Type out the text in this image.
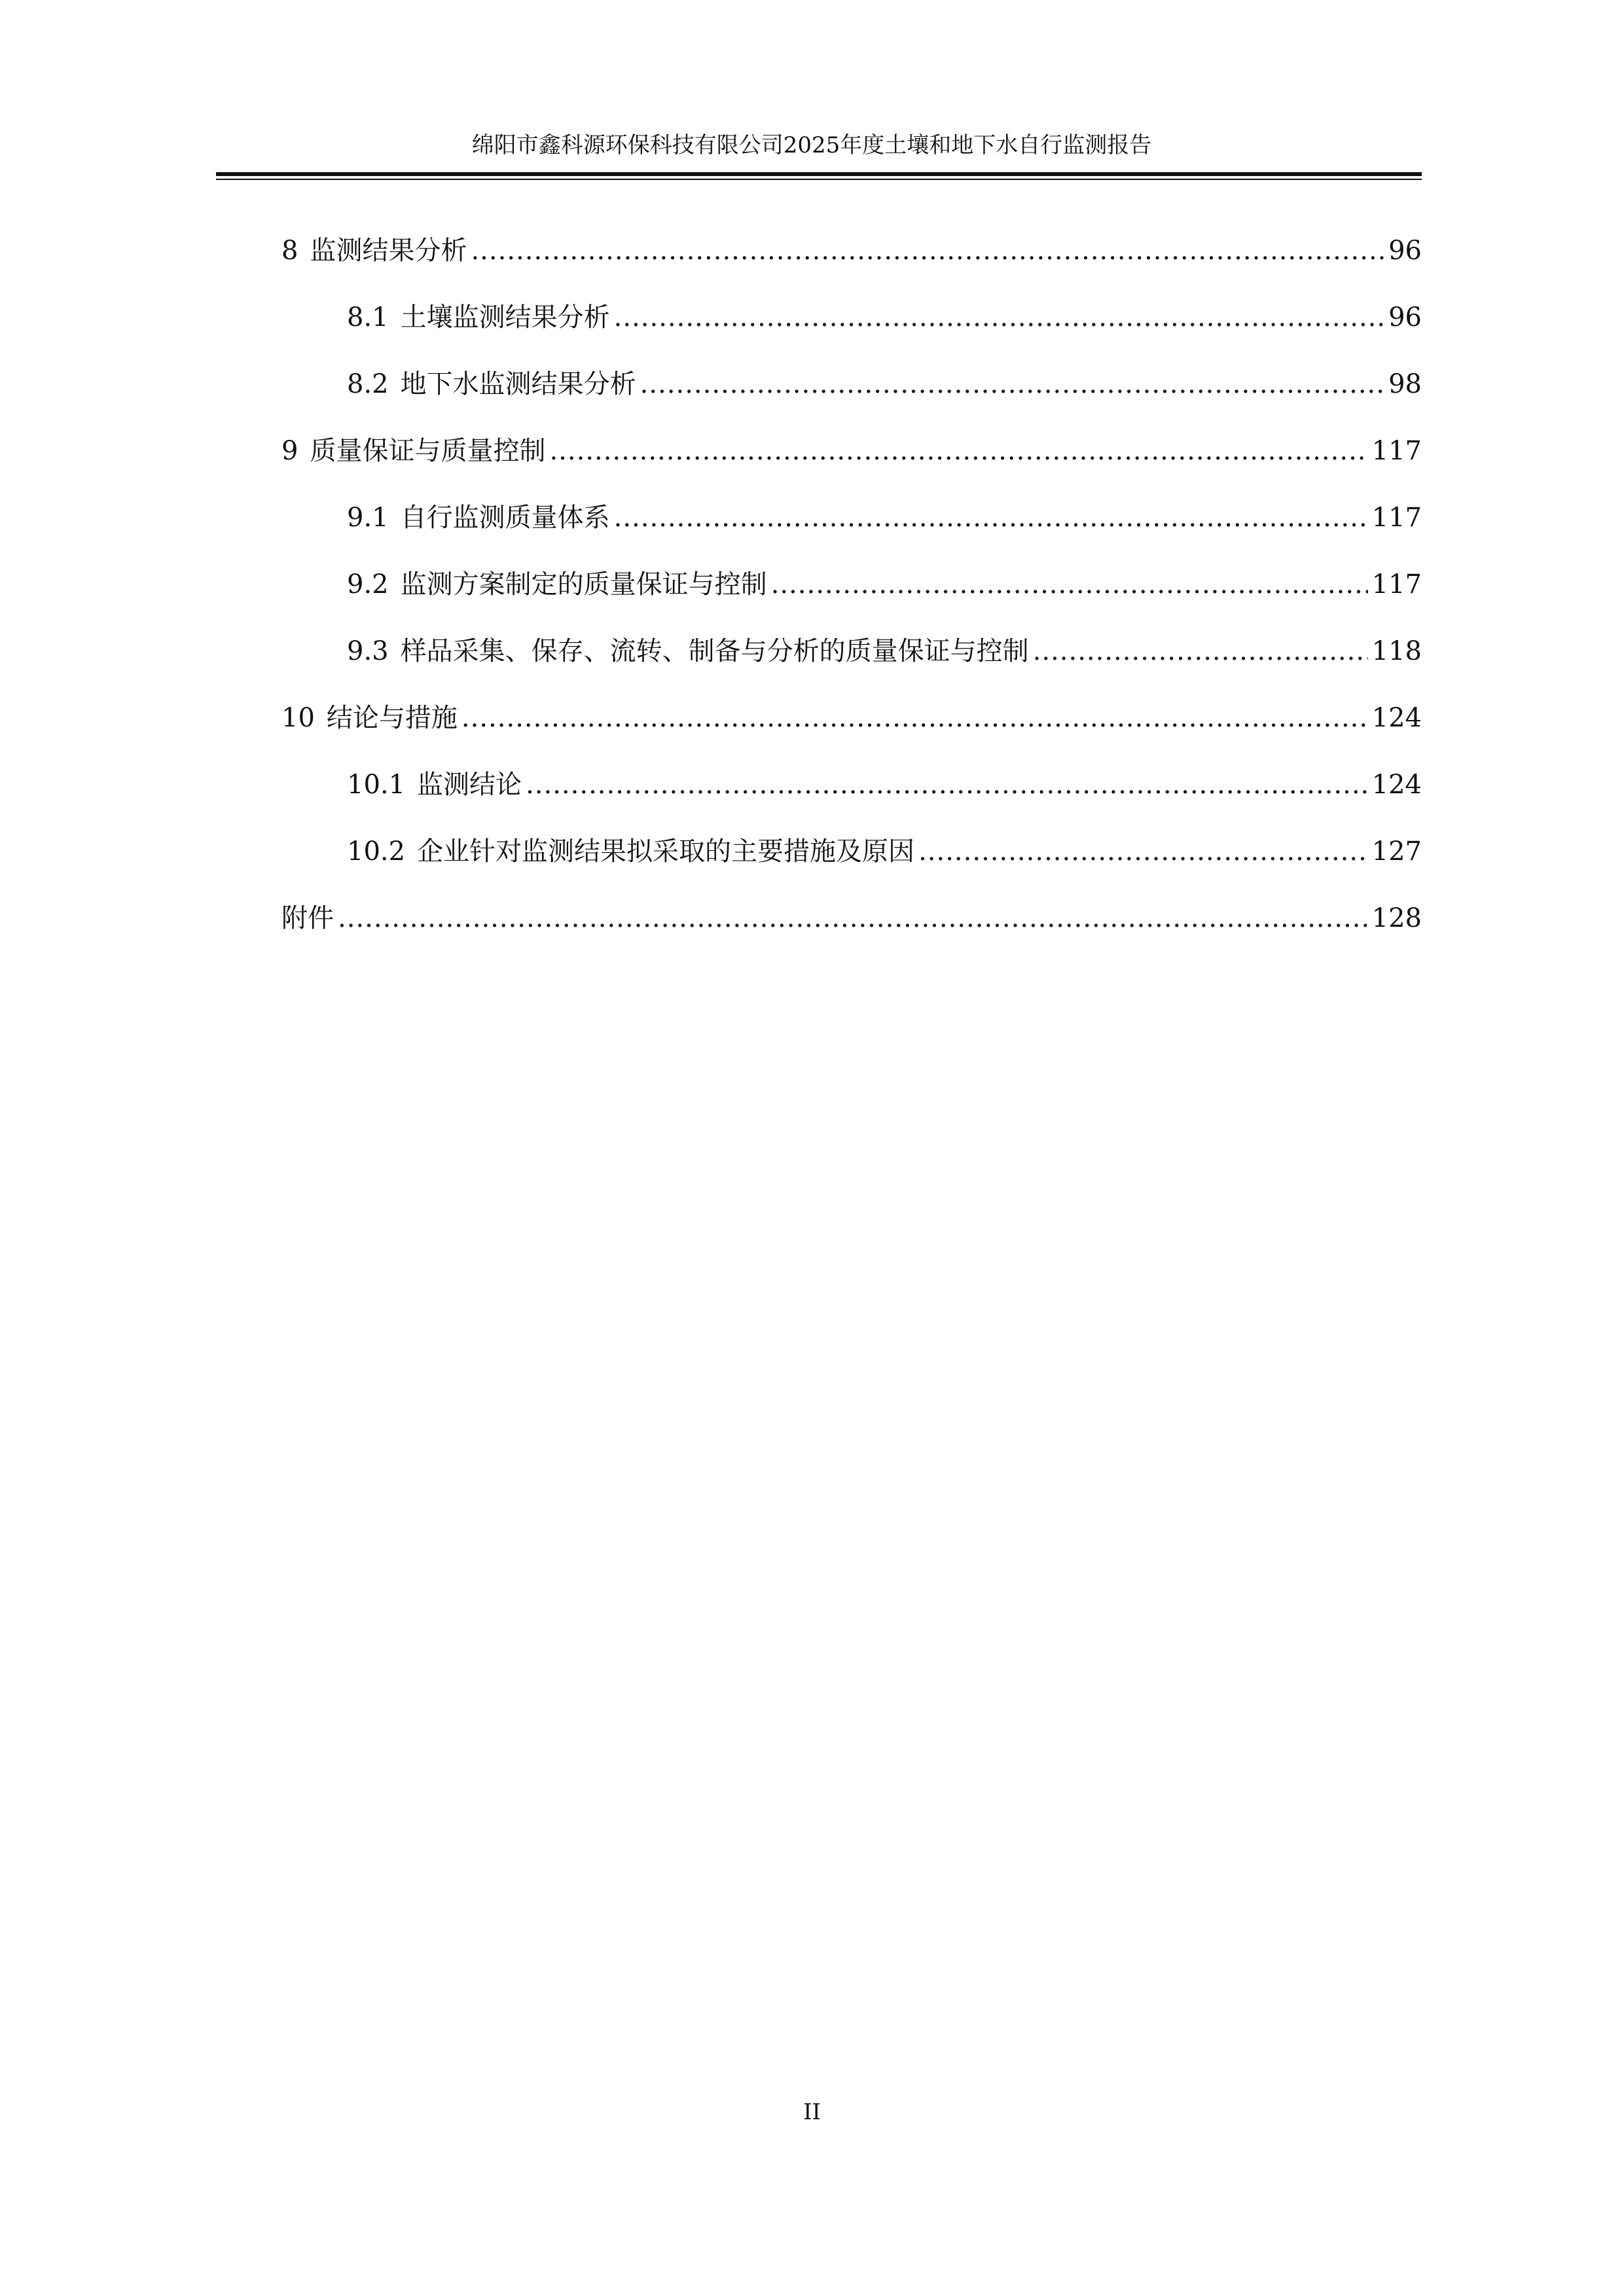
绵阳市鑫科源环保科技有限公司2025年度土壤和地下水自行监测报告
8 监测结果分析 .....	96
8.1 土壤监测结果分析 .....	96
8.2 地下水监测结果分析 .....	98
9 质量保证与质量控制 .....	117
9.1 自行监测质量体系 .....	117
9.2 监测方案制定的质量保证与控制 .....	117
9.3 样品采集、保存、流转、制备与分析的质量保证与控制 .....	118
10 结论与措施 .....	124
10.1 监测结论 .....	124
10.2 企业针对监测结果拟采取的主要措施及原因 .....	127
附件 .....	128
II
